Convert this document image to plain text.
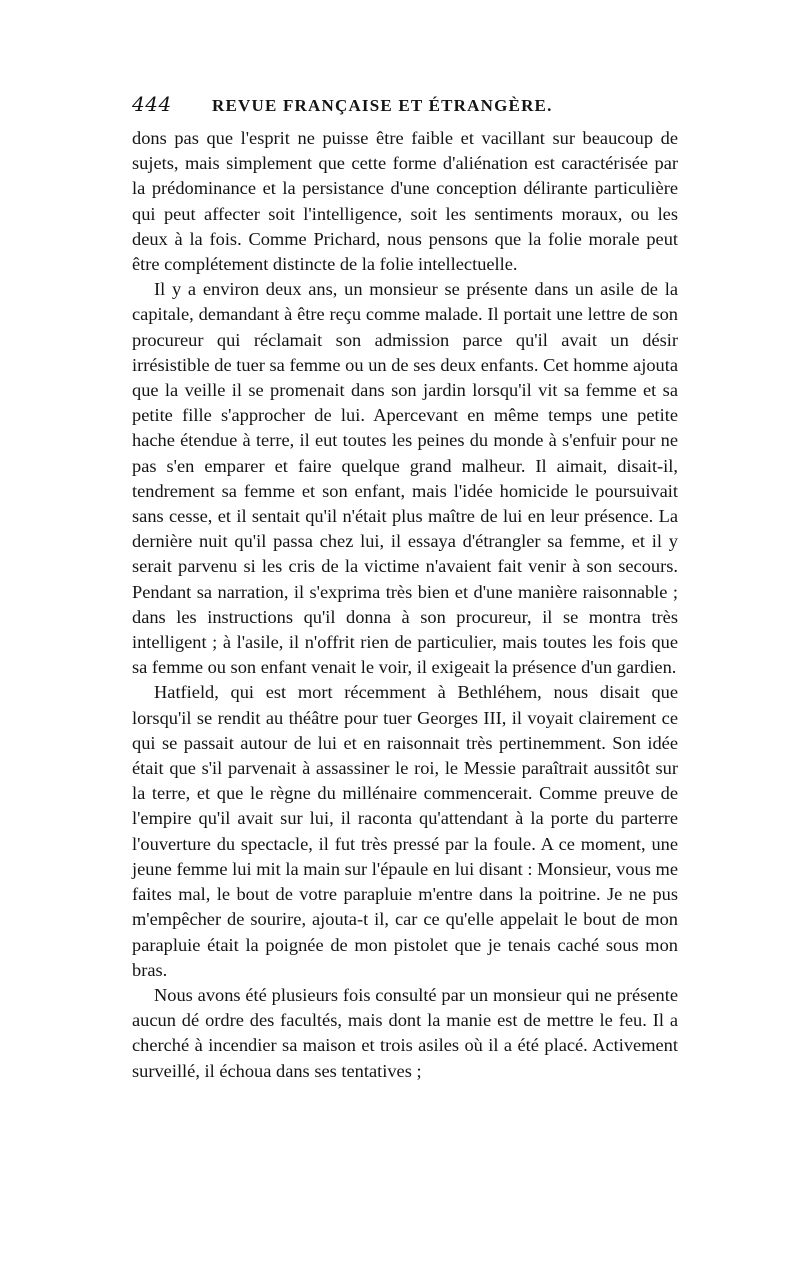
444	REVUE FRANÇAISE ET ÉTRANGÈRE.

dons pas que l'esprit ne puisse être faible et vacillant sur beaucoup de sujets, mais simplement que cette forme d'aliénation est caractérisée par la prédominance et la persistance d'une conception délirante particulière qui peut affecter soit l'intelligence, soit les sentiments moraux, ou les deux à la fois. Comme Prichard, nous pensons que la folie morale peut être complétement distincte de la folie intellectuelle.

Il y a environ deux ans, un monsieur se présente dans un asile de la capitale, demandant à être reçu comme malade. Il portait une lettre de son procureur qui réclamait son admission parce qu'il avait un désir irrésistible de tuer sa femme ou un de ses deux enfants. Cet homme ajouta que la veille il se promenait dans son jardin lorsqu'il vit sa femme et sa petite fille s'approcher de lui. Apercevant en même temps une petite hache étendue à terre, il eut toutes les peines du monde à s'enfuir pour ne pas s'en emparer et faire quelque grand malheur. Il aimait, disait-il, tendrement sa femme et son enfant, mais l'idée homicide le poursuivait sans cesse, et il sentait qu'il n'était plus maître de lui en leur présence. La dernière nuit qu'il passa chez lui, il essaya d'étrangler sa femme, et il y serait parvenu si les cris de la victime n'avaient fait venir à son secours. Pendant sa narration, il s'exprima très bien et d'une manière raisonnable ; dans les instructions qu'il donna à son procureur, il se montra très intelligent ; à l'asile, il n'offrit rien de particulier, mais toutes les fois que sa femme ou son enfant venait le voir, il exigeait la présence d'un gardien.

Hatfield, qui est mort récemment à Bethléhem, nous disait que lorsqu'il se rendit au théâtre pour tuer Georges III, il voyait clairement ce qui se passait autour de lui et en raisonnait très pertinemment. Son idée était que s'il parvenait à assassiner le roi, le Messie paraîtrait aussitôt sur la terre, et que le règne du millénaire commencerait. Comme preuve de l'empire qu'il avait sur lui, il raconta qu'attendant à la porte du parterre l'ouverture du spectacle, il fut très pressé par la foule. A ce moment, une jeune femme lui mit la main sur l'épaule en lui disant : Monsieur, vous me faites mal, le bout de votre parapluie m'entre dans la poitrine. Je ne pus m'empêcher de sourire, ajouta-t il, car ce qu'elle appelait le bout de mon parapluie était la poignée de mon pistolet que je tenais caché sous mon bras.

Nous avons été plusieurs fois consulté par un monsieur qui ne présente aucun dé ordre des facultés, mais dont la manie est de mettre le feu. Il a cherché à incendier sa maison et trois asiles où il a été placé. Activement surveillé, il échoua dans ses tentatives ;
